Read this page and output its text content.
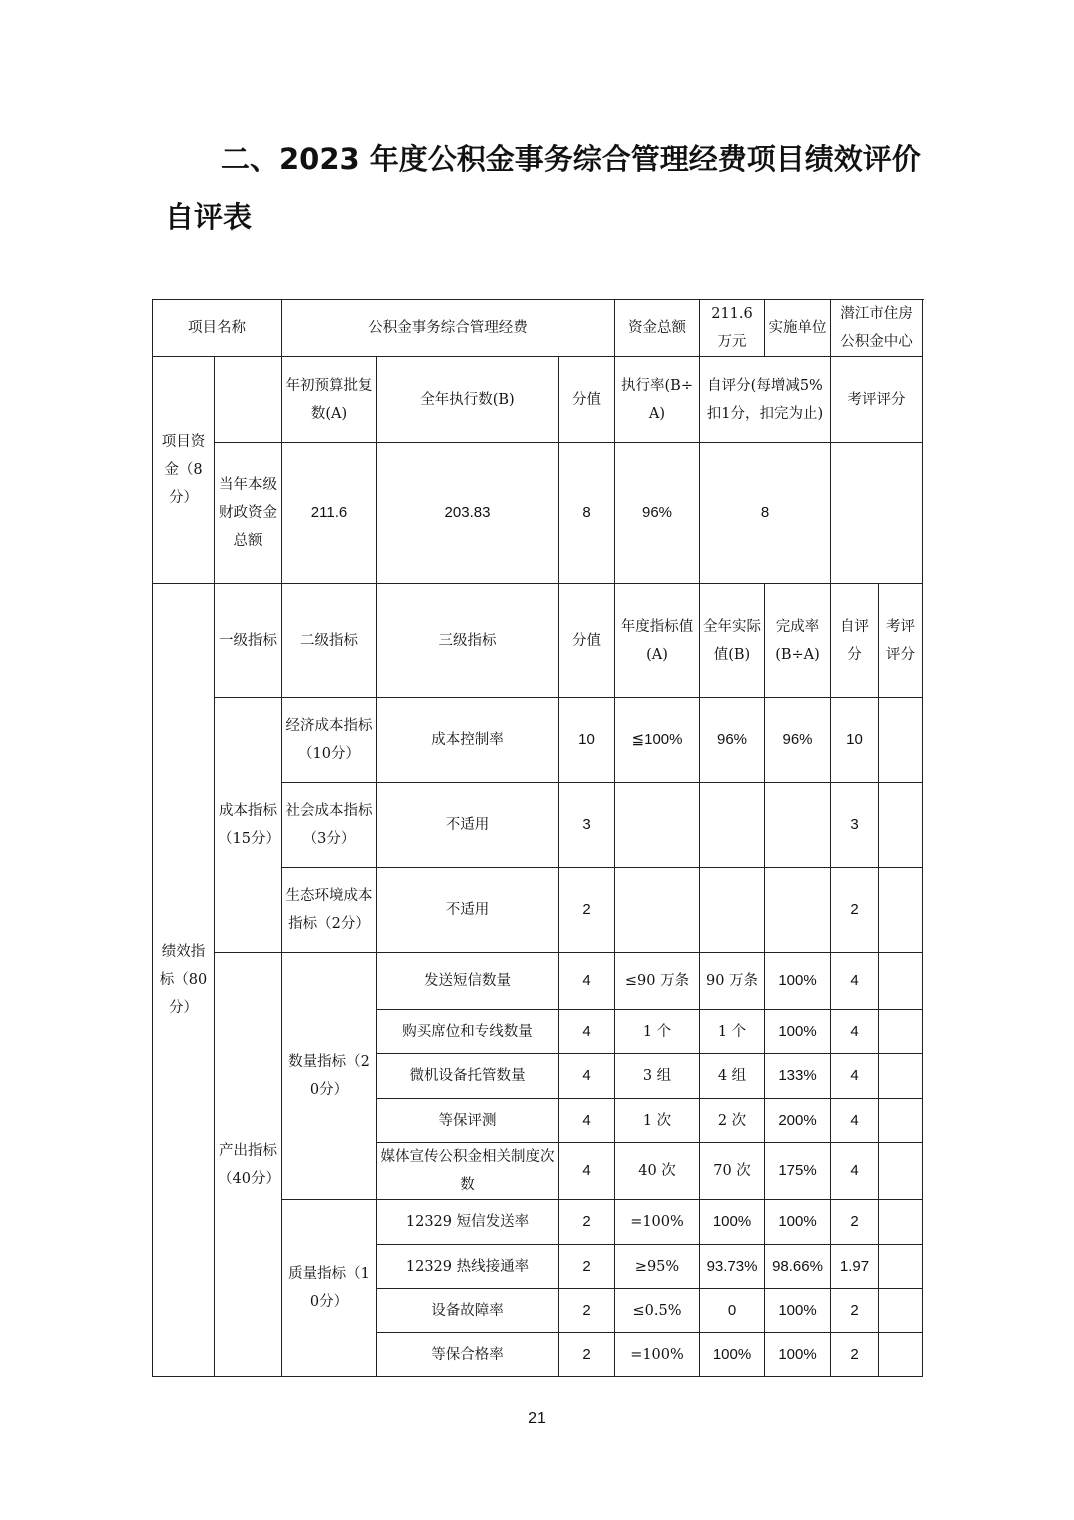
二、2023 年度公积金事务综合管理经费项目绩效评价
自评表
项目名称		公积金事务综合管理经费			资金总额	211.6 万元	实施单位	潜江市住房公积金中心	
项目资金（8分）		年初预算批复数(A)	全年执行数(B)	分值	执行率(B÷A)	自评分(每增减5%扣1分，扣完为止)		考评评分	
	当年本级财政资金总额	211.6	203.83	8	96%	8			
绩效指标（80分）	一级指标	二级指标	三级指标	分值	年度指标值(A)	全年实际值(B)	完成率(B÷A)	自评分	考评评分
	成本指标（15分）	经济成本指标 （10分）	成本控制率	10	≦100%	96%	96%	10	
		社会成本指标（3分）	不适用	3				3	
		生态环境成本指标（2分）	不适用	2				2	
	产出指标（40分）	数量指标（20分）	发送短信数量	4	≤90 万条	90 万条	100%	4	
			购买席位和专线数量	4	1 个	1 个	100%	4	
			微机设备托管数量	4	3 组	4 组	133%	4	
			等保评测	4	1 次	2 次	200%	4	
			媒体宣传公积金相关制度次数	4	40 次	70 次	175%	4	
		质量指标（10分）	12329 短信发送率	2	=100%	100%	100%	2	
			12329 热线接通率	2	≥95%	93.73%	98.66%	1.97	
			设备故障率	2	≤0.5%	0	100%	2	
			等保合格率	2	=100%	100%	100%	2	
21
